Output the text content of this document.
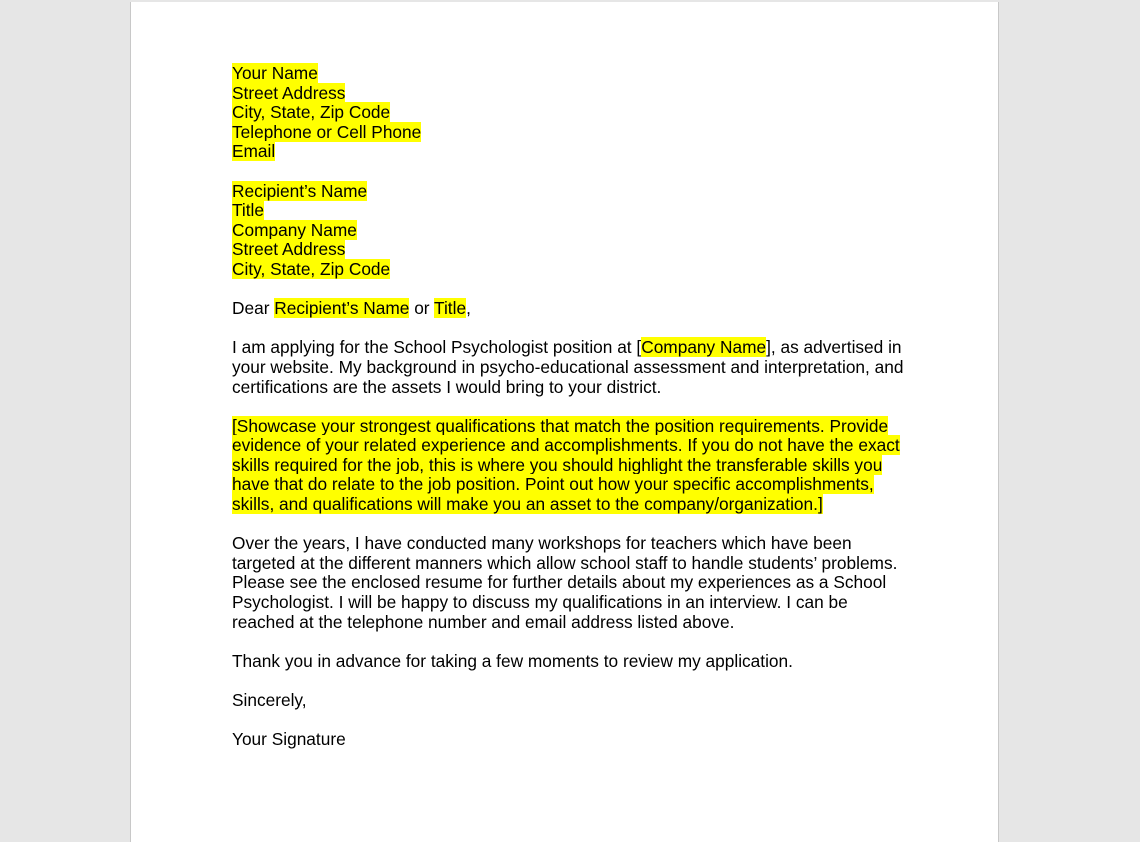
Your Name
Street Address
City, State, Zip Code
Telephone or Cell Phone
Email
Recipient’s Name
Title
Company Name
Street Address
City, State, Zip Code
Dear Recipient’s Name or Title,
I am applying for the School Psychologist position at [Company Name], as advertised in
your website. My background in psycho-educational assessment and interpretation, and
certifications are the assets I would bring to your district.
[Showcase your strongest qualifications that match the position requirements. Provide
evidence of your related experience and accomplishments. If you do not have the exact
skills required for the job, this is where you should highlight the transferable skills you
have that do relate to the job position. Point out how your specific accomplishments,
skills, and qualifications will make you an asset to the company/organization.]
Over the years, I have conducted many workshops for teachers which have been
targeted at the different manners which allow school staff to handle students’ problems.
Please see the enclosed resume for further details about my experiences as a School
Psychologist. I will be happy to discuss my qualifications in an interview. I can be
reached at the telephone number and email address listed above.
Thank you in advance for taking a few moments to review my application.
Sincerely,
Your Signature
